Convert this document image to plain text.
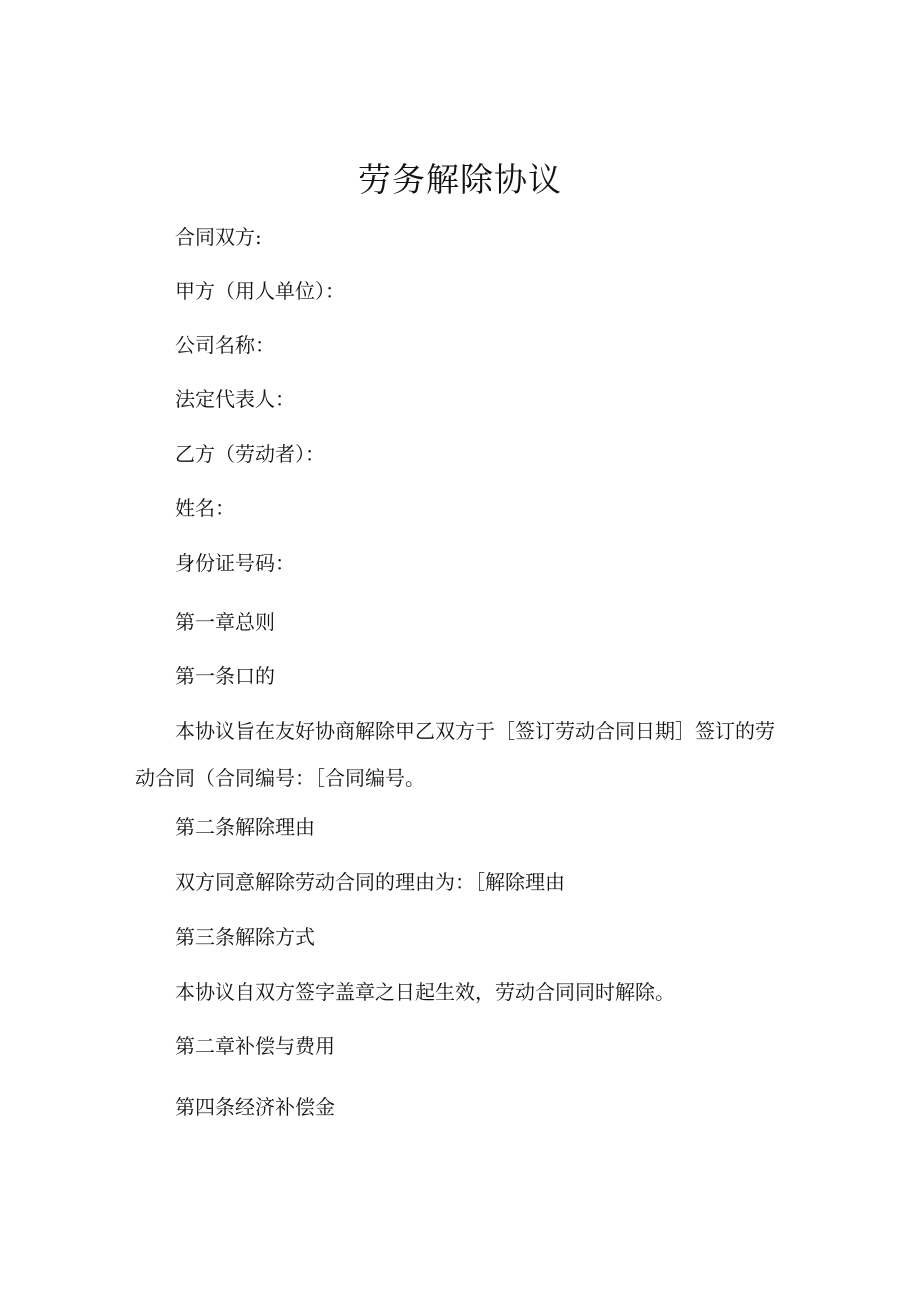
劳务解除协议
合同双方:
甲方（用人单位）：
公司名称：
法定代表人：
乙方（劳动者）：
姓名：
身份证号码：
第一章总则
第一条口的
本协议旨在友好协商解除甲乙双方于［签订劳动合同日期］签订的劳动合同（合同编号：［合同编号。
第二条解除理由
双方同意解除劳动合同的理由为：［解除理由
第三条解除方式
本协议自双方签字盖章之日起生效，劳动合同同时解除。
第二章补偿与费用
第四条经济补偿金
